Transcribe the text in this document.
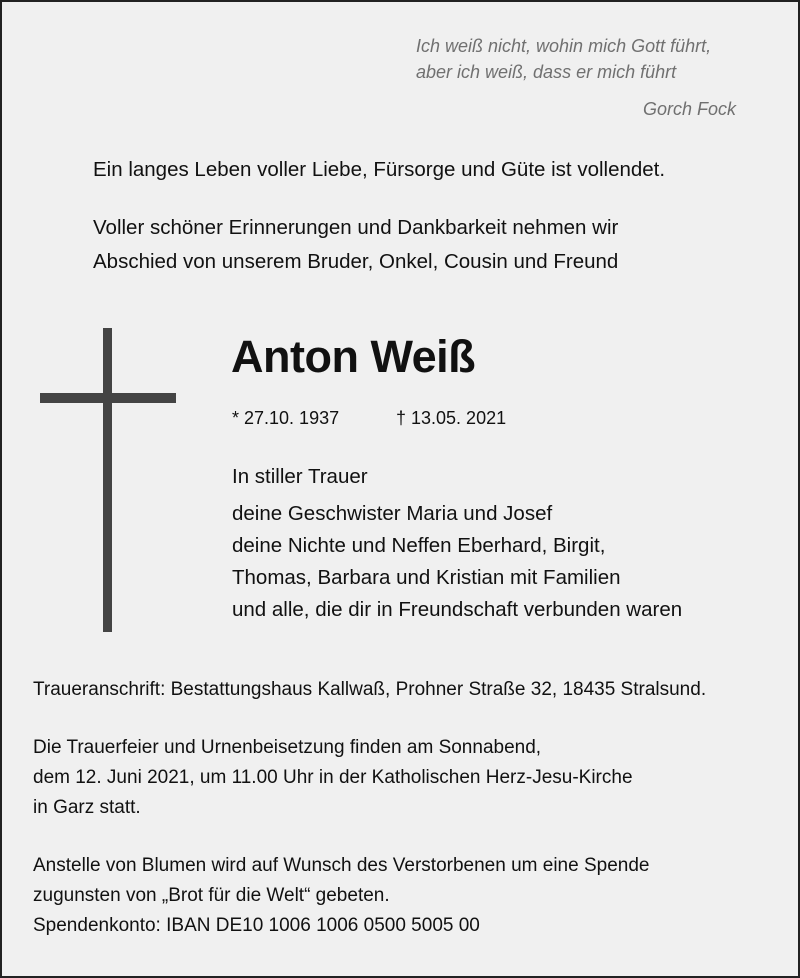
Ich weiß nicht, wohin mich Gott führt,
aber ich weiß, dass er mich führt
Gorch Fock
Ein langes Leben voller Liebe, Fürsorge und Güte ist vollendet.
Voller schöner Erinnerungen und Dankbarkeit nehmen wir
Abschied von unserem Bruder, Onkel, Cousin und Freund
Anton Weiß
* 27.10. 1937	† 13.05. 2021
In stiller Trauer
deine Geschwister Maria und Josef
deine Nichte und Neffen Eberhard, Birgit,
Thomas, Barbara und Kristian mit Familien
und alle, die dir in Freundschaft verbunden waren
Traueranschrift: Bestattungshaus Kallwaß, Prohner Straße 32, 18435 Stralsund.
Die Trauerfeier und Urnenbeisetzung finden am Sonnabend,
dem 12. Juni 2021, um 11.00 Uhr in der Katholischen Herz-Jesu-Kirche
in Garz statt.
Anstelle von Blumen wird auf Wunsch des Verstorbenen um eine Spende
zugunsten von „Brot für die Welt“ gebeten.
Spendenkonto: IBAN DE10 1006 1006 0500 5005 00
